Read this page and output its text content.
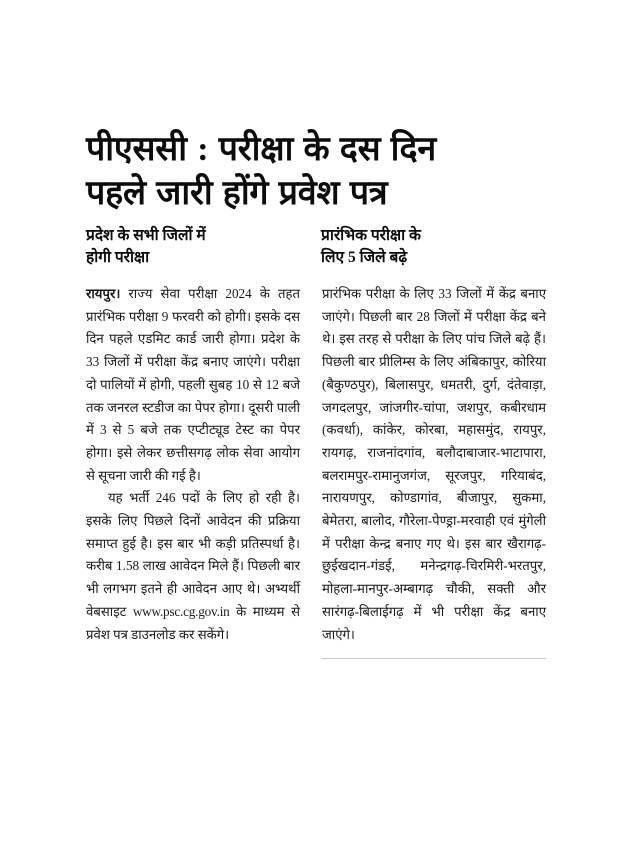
पीएससी : परीक्षा के दस दिन
पहले जारी होंगे प्रवेश पत्र
प्रदेश के सभी जिलों में
होगी परीक्षा
प्रारंभिक परीक्षा के
लिए 5 जिले बढ़े

रायपुर। राज्य सेवा परीक्षा 2024 के तहत प्रारंभिक परीक्षा 9 फरवरी को होगी। इसके दस दिन पहले एडमिट कार्ड जारी होगा। प्रदेश के 33 जिलों में परीक्षा केंद्र बनाए जाएंगे। परीक्षा दो पालियों में होगी, पहली सुबह 10 से 12 बजे तक जनरल स्टडीज का पेपर होगा। दूसरी पाली में 3 से 5 बजे तक एप्टीट्यूड टेस्ट का पेपर होगा। इसे लेकर छत्तीसगढ़ लोक सेवा आयोग से सूचना जारी की गई है।

यह भर्ती 246 पदों के लिए हो रही है। इसके लिए पिछले दिनों आवेदन की प्रक्रिया समाप्त हुई है। इस बार भी कड़ी प्रतिस्पर्धा है। करीब 1.58 लाख आवेदन मिले हैं। पिछली बार भी लगभग इतने ही आवेदन आए थे। अभ्यर्थी वेबसाइट www.psc.cg.gov.in के माध्यम से प्रवेश पत्र डाउनलोड कर सकेंगे।

प्रारंभिक परीक्षा के लिए 33 जिलों में केंद्र बनाए जाएंगे। पिछली बार 28 जिलों में परीक्षा केंद्र बने थे। इस तरह से परीक्षा के लिए पांच जिले बढ़े हैं। पिछली बार प्रीलिम्स के लिए अंबिकापुर, कोरिया (बैकुण्ठपुर), बिलासपुर, धमतरी, दुर्ग, दंतेवाड़ा, जगदलपुर, जांजगीर-चांपा, जशपुर, कबीरधाम (कवर्धा), कांकेर, कोरबा, महासमुंद, रायपुर, रायगढ़, राजनांदगांव, बलौदाबाजार-भाटापारा, बलरामपुर-रामानुजगंज, सूरजपुर, गरियाबंद, नारायणपुर, कोण्डागांव, बीजापुर, सुकमा, बेमेतरा, बालोद, गौरेला-पेण्ड्रा-मरवाही एवं मुंगेली में परीक्षा केन्द्र बनाए गए थे। इस बार खैरागढ़-छुईखदान-गंडई, मनेन्द्रगढ़-चिरमिरी-भरतपुर, मोहला-मानपुर-अम्बागढ़ चौकी, सक्ती और सारंगढ़-बिलाईगढ़ में भी परीक्षा केंद्र बनाए जाएंगे।
